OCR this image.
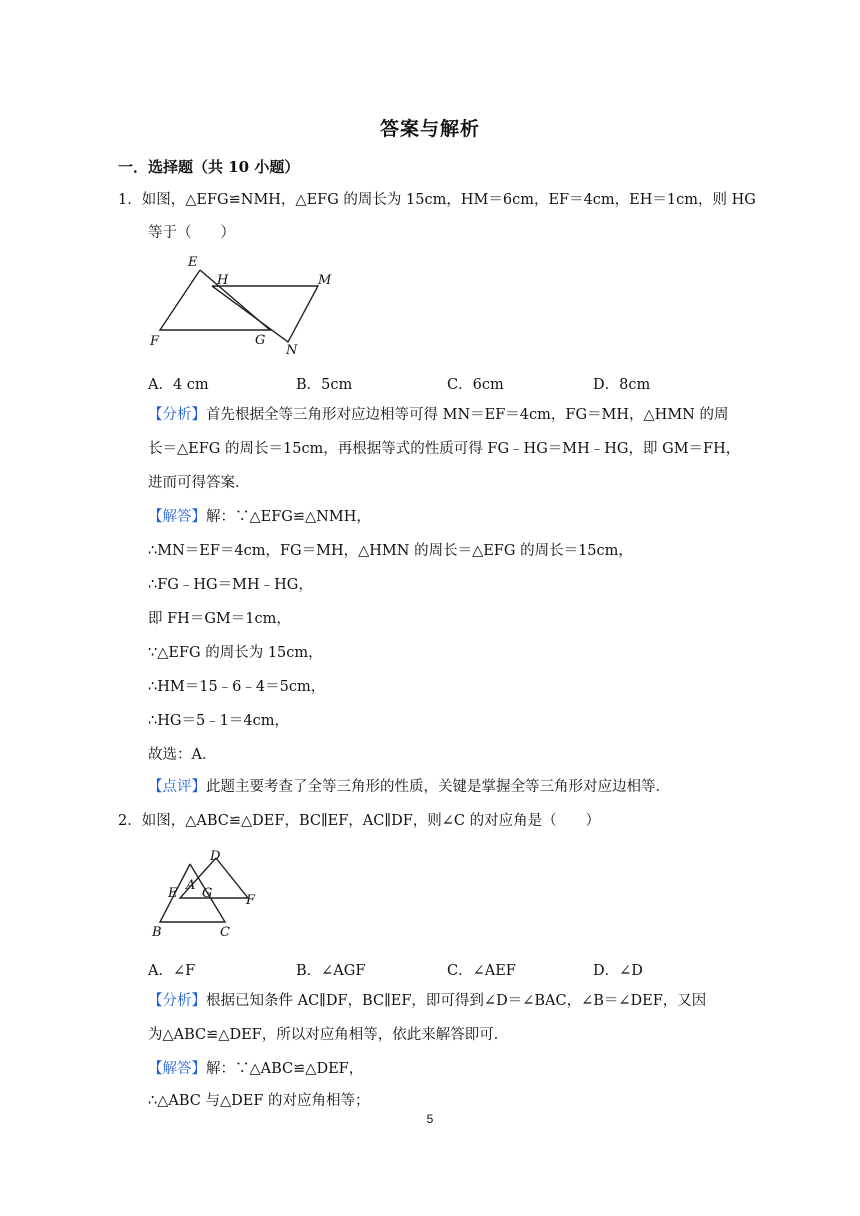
答案与解析
一．选择题（共 10 小题）
1．如图，△EFG≌NMH，△EFG 的周长为 15cm，HM＝6cm，EF＝4cm，EH＝1cm，则 HG
等于（　　）
E
H	M
F	G
N
A．4 cm	B．5cm	C．6cm	D．8cm
【分析】首先根据全等三角形对应边相等可得 MN＝EF＝4cm，FG＝MH，△HMN 的周
长＝△EFG 的周长＝15cm，再根据等式的性质可得 FG﹣HG＝MH﹣HG，即 GM＝FH，
进而可得答案．
【解答】解：∵△EFG≌△NMH，
∴MN＝EF＝4cm，FG＝MH，△HMN 的周长＝△EFG 的周长＝15cm，
∴FG﹣HG＝MH﹣HG，
即 FH＝GM＝1cm，
∵△EFG 的周长为 15cm，
∴HM＝15﹣6﹣4＝5cm，
∴HG＝5﹣1＝4cm，
故选：A．
【点评】此题主要考查了全等三角形的性质，关键是掌握全等三角形对应边相等．
2．如图，△ABC≌△DEF，BC∥EF，AC∥DF，则∠C 的对应角是（　　）
D
A
E G	F
B	C
A．∠F	B．∠AGF	C．∠AEF	D．∠D
【分析】根据已知条件 AC∥DF，BC∥EF，即可得到∠D＝∠BAC，∠B＝∠DEF，又因
为△ABC≌△DEF，所以对应角相等，依此来解答即可．
【解答】解：∵△ABC≌△DEF，
∴△ABC 与△DEF 的对应角相等；
5
